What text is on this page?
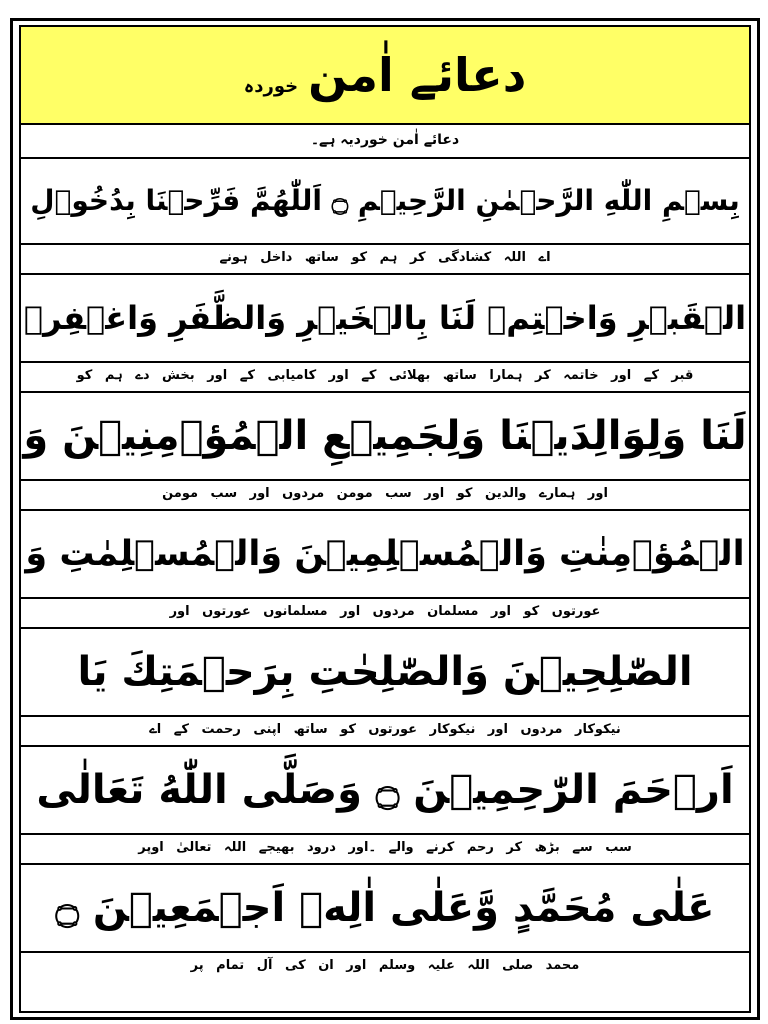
دعائے اٰمن
خوردہ
دعائے اٰمن خوردیہ ہے۔
بِسۡمِ اللّٰهِ الرَّحۡمٰنِ الرَّحِيۡمِ ۝ اَللّٰهُمَّ فَرِّحۡنَا بِدُخُوۡلِ
اے اللہ کشادگی کر ہم کو ساتھ داخل ہونے
الۡقَبۡرِ وَاخۡتِمۡ لَنَا بِالۡخَيۡرِ وَالظَّفَرِ وَاغۡفِرۡ
قبر کے اور خاتمہ کر ہمارا ساتھ بھلائی کے اور کامیابی کے اور بخش دے ہم کو
لَنَا وَلِوَالِدَيۡنَا وَلِجَمِيۡعِ الۡمُؤۡمِنِيۡنَ وَ
اور ہمارے والدین کو اور سب مومن مردوں اور سب مومن
الۡمُؤۡمِنٰتِ وَالۡمُسۡلِمِيۡنَ وَالۡمُسۡلِمٰتِ وَ
عورتوں کو اور مسلمان مردوں اور مسلمانوں عورتوں اور
الصّٰلِحِيۡنَ وَالصّٰلِحٰتِ بِرَحۡمَتِكَ يَا
نیکوکار مردوں اور نیکوکار عورتوں کو ساتھ اپنی رحمت کے اے
اَرۡحَمَ الرّٰحِمِيۡنَ ۝ وَصَلَّى اللّٰهُ تَعَالٰى
سب سے بڑھ کر رحم کرنے والے ۔اور درود بھیجے اللہ تعالیٰ اوپر
عَلٰى مُحَمَّدٍ وَّعَلٰى اٰلِهٖ اَجۡمَعِيۡنَ ۝
محمد صلی اللہ علیہ وسلم اور ان کی آل تمام پر
